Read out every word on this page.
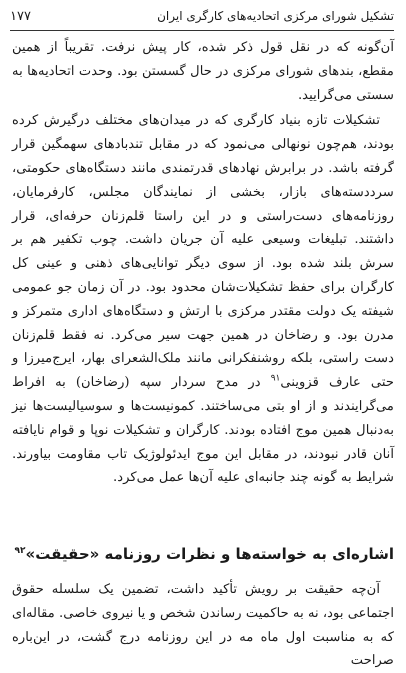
تشکیل شورای مرکزی اتحادیه‌های کارگری ایران
۱۷۷

آن‌گونه که در نقل قول ذکر شده، کار پیش نرفت. تقریباً از همین مقطع، بندهای شورای مرکزی در حال گسستن بود. وحدت اتحادیه‌ها به سستی می‌گرایید.

تشکیلات تازه بنیاد کارگری که در میدان‌های مختلف درگیرش کرده بودند، هم‌چون نونهالی می‌نمود که در مقابل تندبادهای سهمگین قرار گرفته باشد. در برابرش نهادهای قدرتمندی مانند دستگاه‌های حکومتی، سرددسته‌های بازار، بخشی از نمایندگان مجلس، کارفرمایان، روزنامه‌های دست‌راستی و در این راستا قلم‌زنان حرفه‌ای، قرار داشتند. تبلیغات وسیعی علیه آن جریان داشت. چوب تکفیر هم بر سرش بلند شده بود. از سوی دیگر توانایی‌های ذهنی و عینی کل کارگران برای حفظ تشکیلات‌شان محدود بود. در آن زمان جو عمومی شیفته یک دولت مقتدر مرکزی با ارتش و دستگاه‌های اداری متمرکز و مدرن بود. و رضاخان در همین جهت سیر می‌کرد. نه فقط قلم‌زنان دست راستی، بلکه روشنفکرانی مانند ملک‌الشعرای بهار، ایرج‌میرزا و حتی عارف قزوینی$^{۹۱}$ در مدح سردار سپه (رضاخان) به افراط می‌گرایندند و از او بتی می‌ساختند. کمونیست‌ها و سوسیالیست‌ها نیز به‌دنبال همین موج افتاده بودند. کارگران و تشکیلات نوپا و قوام نایافته آنان قادر نبودند، در مقابل این موج ایدئولوژیک تاب مقاومت بیاورند. شرایط به گونه چند جانبه‌ای علیه آن‌ها عمل می‌کرد.

اشاره‌ای به خواسته‌ها و نظرات روزنامه «حقیقت»$^{۹۲}$

آن‌چه حقیقت بر رویش تأکید داشت، تضمین یک سلسله حقوق اجتماعی بود، نه به حاکمیت رساندن شخص و یا نیروی خاصی. مقاله‌ای که به مناسبت اول ماه مه در این روزنامه درج گشت، در این‌باره صراحت
